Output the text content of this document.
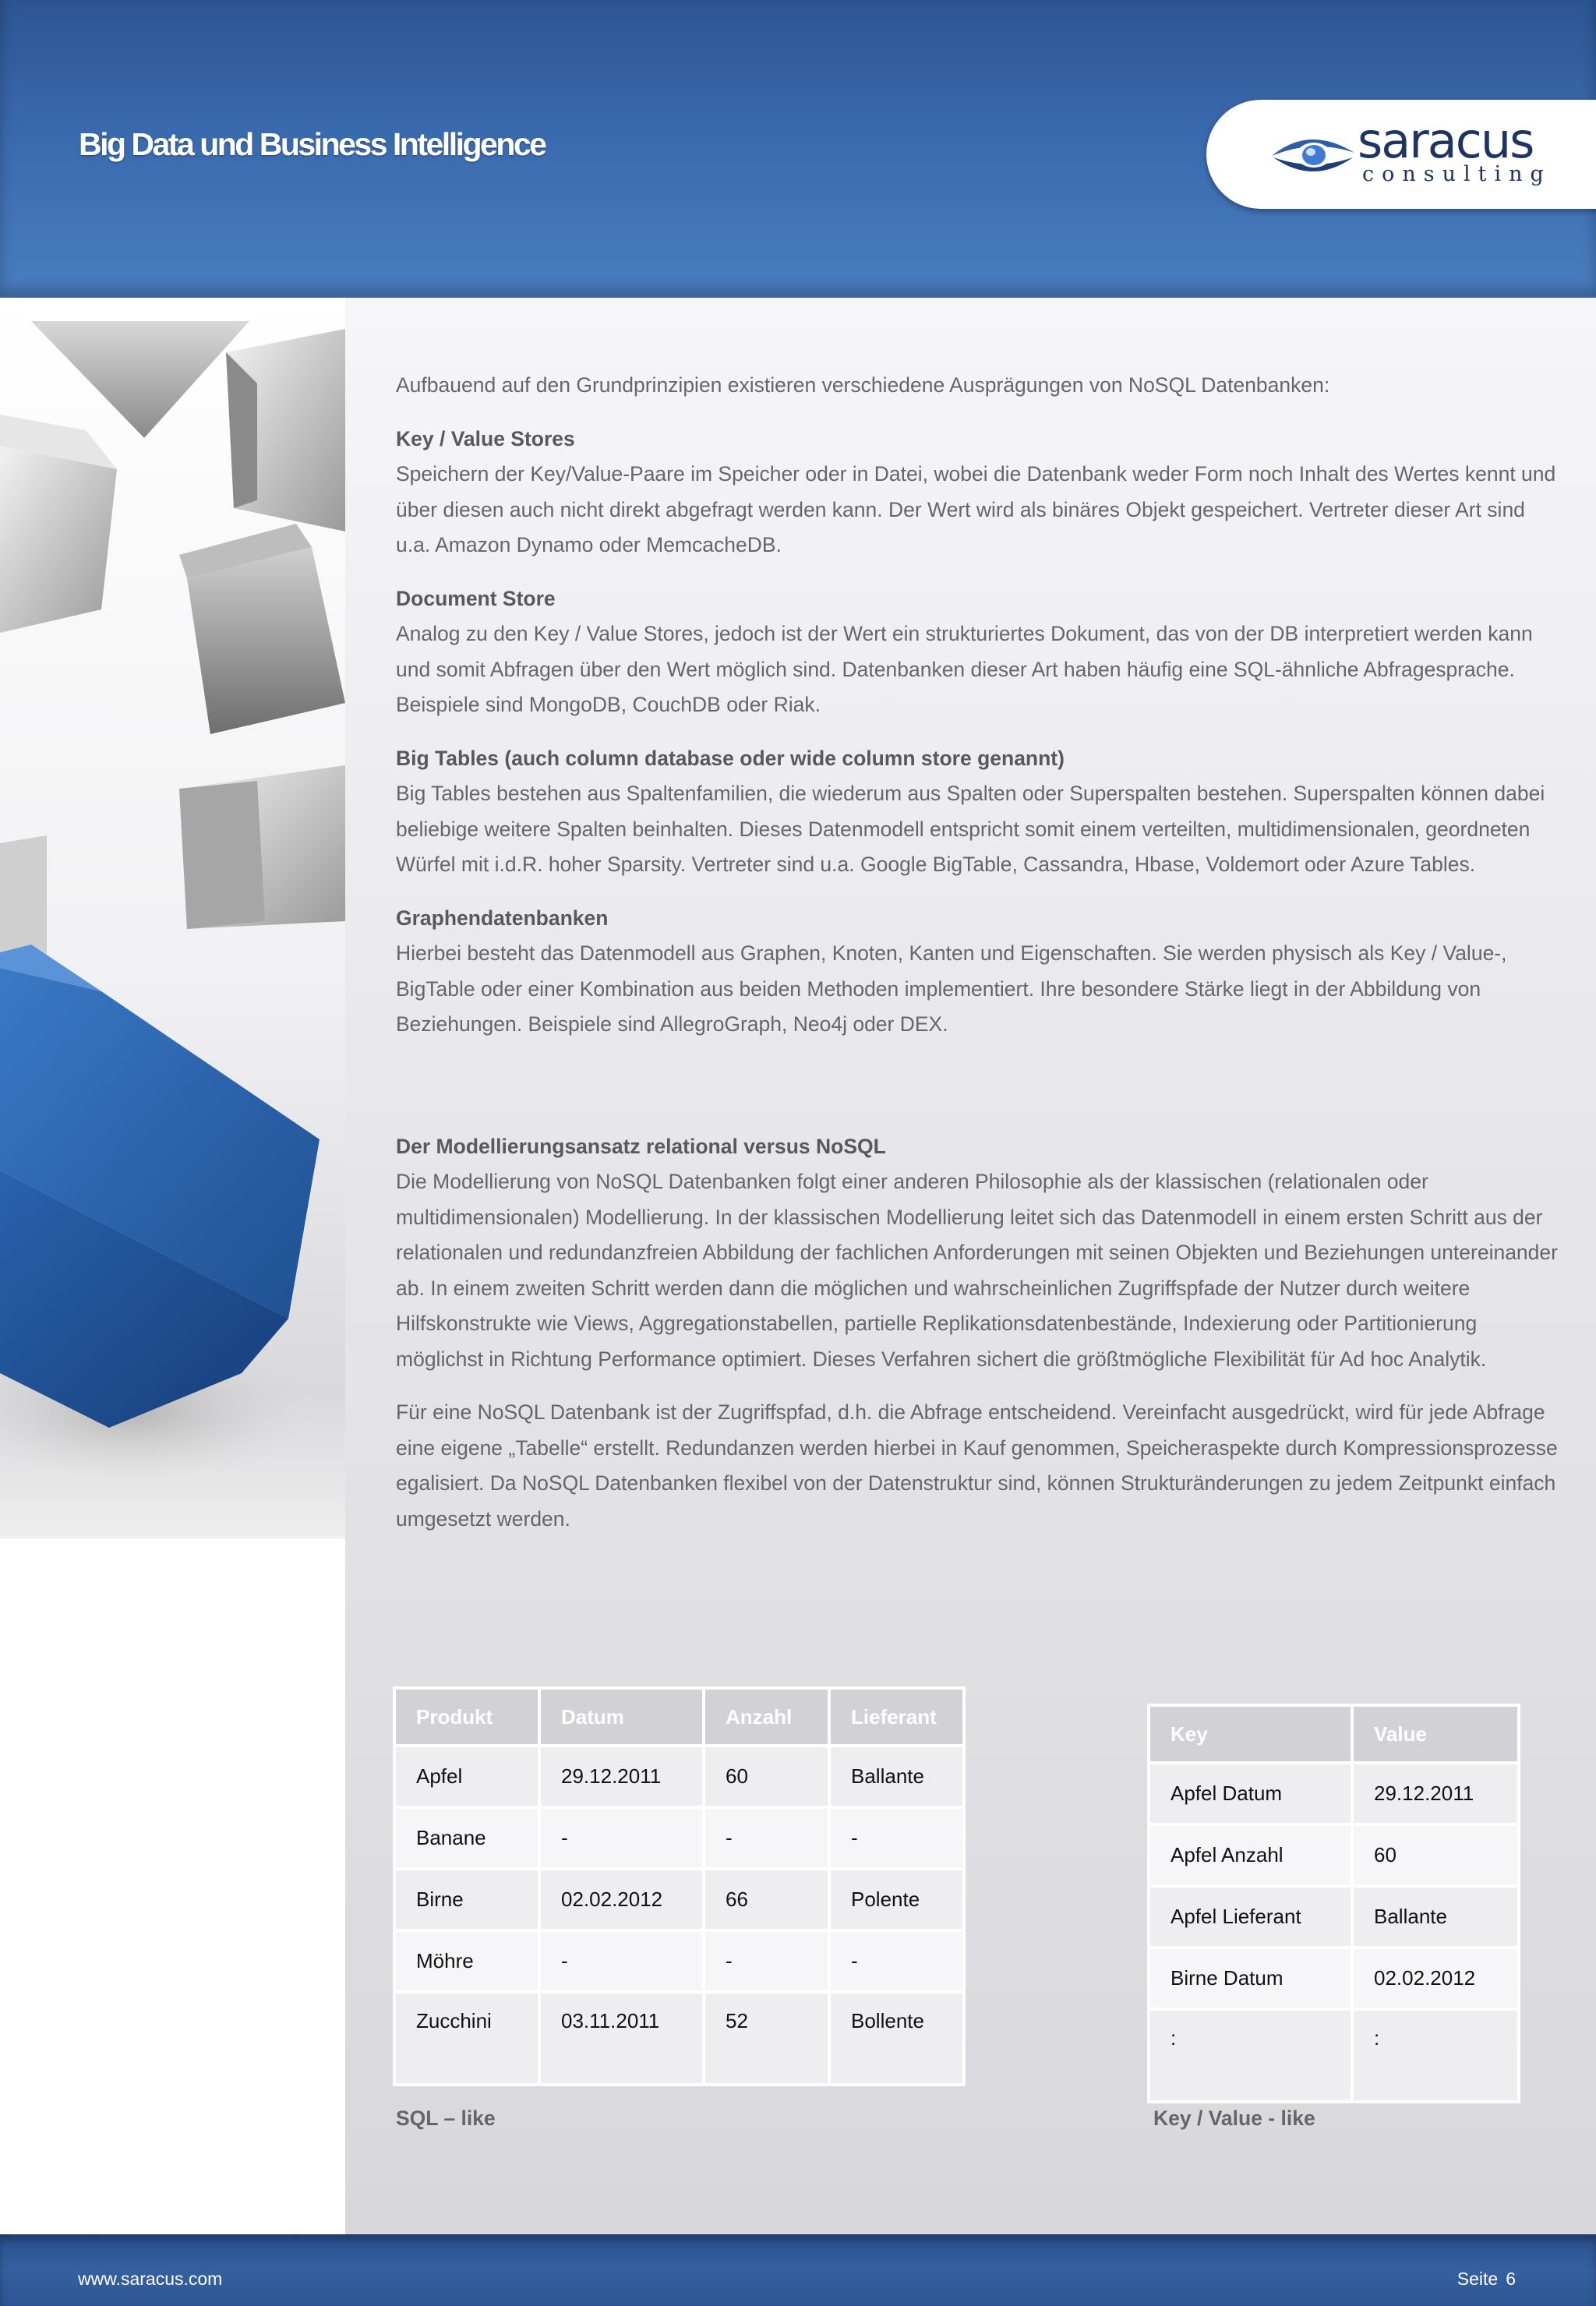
Big Data und Business Intelligence	saracus
consulting

Aufbauend auf den Grundprinzipien existieren verschiedene Ausprägungen von NoSQL Datenbanken:

Key / Value Stores

Speichern der Key/Value-Paare im Speicher oder in Datei, wobei die Datenbank weder Form noch Inhalt des Wertes kennt und über diesen auch nicht direkt abgefragt werden kann. Der Wert wird als binäres Objekt gespeichert. Vertreter dieser Art sind u.a. Amazon Dynamo oder MemcacheDB.

Document Store

Analog zu den Key / Value Stores, jedoch ist der Wert ein strukturiertes Dokument, das von der DB interpretiert werden kann und somit Abfragen über den Wert möglich sind. Datenbanken dieser Art haben häufig eine SQL-ähnliche Abfragesprache. Beispiele sind MongoDB, CouchDB oder Riak.

Big Tables (auch column database oder wide column store genannt)

Big Tables bestehen aus Spaltenfamilien, die wiederum aus Spalten oder Superspalten bestehen. Superspalten können dabei beliebige weitere Spalten beinhalten. Dieses Datenmodell entspricht somit einem verteilten, multidimensionalen, geordneten Würfel mit i.d.R. hoher Sparsity. Vertreter sind u.a. Google BigTable, Cassandra, Hbase, Voldemort oder Azure Tables.

Graphendatenbanken

Hierbei besteht das Datenmodell aus Graphen, Knoten, Kanten und Eigenschaften. Sie werden physisch als Key / Value-, BigTable oder einer Kombination aus beiden Methoden implementiert. Ihre besondere Stärke liegt in der Abbildung von Beziehungen. Beispiele sind AllegroGraph, Neo4j oder DEX.

Der Modellierungsansatz relational versus NoSQL

Die Modellierung von NoSQL Datenbanken folgt einer anderen Philosophie als der klassischen (relationalen oder multidimensionalen) Modellierung. In der klassischen Modellierung leitet sich das Datenmodell in einem ersten Schritt aus der relationalen und redundanzfreien Abbildung der fachlichen Anforderungen mit seinen Objekten und Beziehungen untereinander ab. In einem zweiten Schritt werden dann die möglichen und wahrscheinlichen Zugriffspfade der Nutzer durch weitere Hilfskonstrukte wie Views, Aggregationstabellen, partielle Replikationsdatenbestände, Indexierung oder Partitionierung möglichst in Richtung Performance optimiert. Dieses Verfahren sichert die größtmögliche Flexibilität für Ad hoc Analytik.

Für eine NoSQL Datenbank ist der Zugriffspfad, d.h. die Abfrage entscheidend. Vereinfacht ausgedrückt, wird für jede Abfrage eine eigene „Tabelle“ erstellt. Redundanzen werden hierbei in Kauf genommen, Speicheraspekte durch Kompressionsprozesse egalisiert. Da NoSQL Datenbanken flexibel von der Datenstruktur sind, können Strukturänderungen zu jedem Zeitpunkt einfach umgesetzt werden.

Produkt	Datum	Anzahl	Lieferant
Apfel	29.12.2011	60	Ballante
Banane	-	-	-
Birne	02.02.2012	66	Polente
Möhre	-	-	-
Zucchini	03.11.2011	52	Bollente
Key	Value
Apfel Datum	29.12.2011
Apfel Anzahl	60
Apfel Lieferant	Ballante
Birne Datum	02.02.2012
:	:
SQL – like	Key / Value - like
www.saracus.com	Seite 6
